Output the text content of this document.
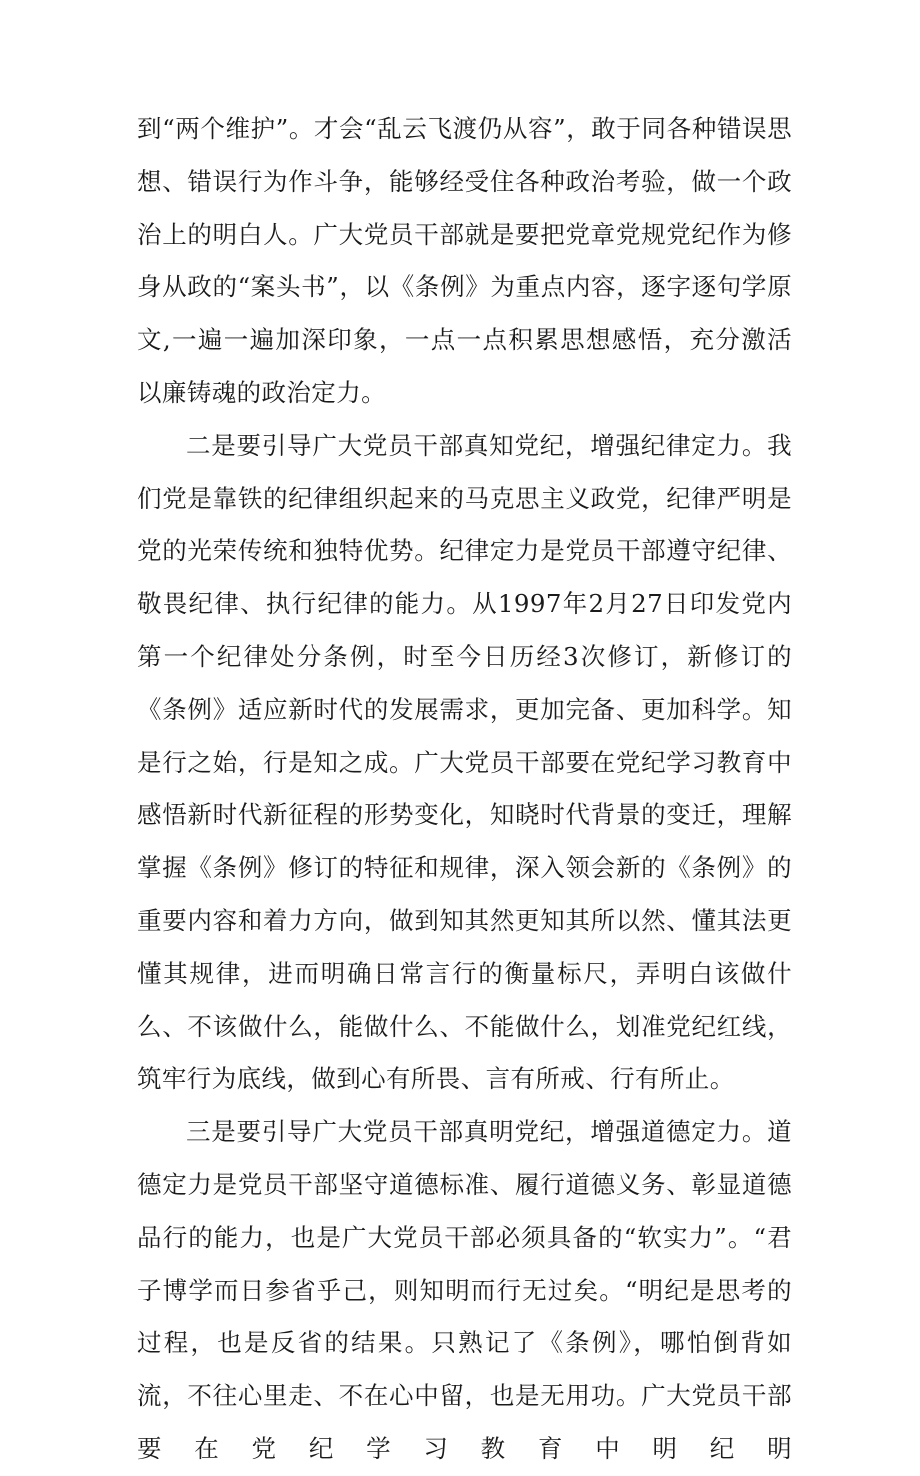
到“两个维护”。才会“乱云飞渡仍从容”，敢于同各种错误思想、错误行为作斗争，能够经受住各种政治考验，做一个政治上的明白人。广大党员干部就是要把党章党规党纪作为修身从政的“案头书”，以《条例》为重点内容，逐字逐句学原文,一遍一遍加深印象，一点一点积累思想感悟，充分激活以廉铸魂的政治定力。

二是要引导广大党员干部真知党纪，增强纪律定力。我们党是靠铁的纪律组织起来的马克思主义政党，纪律严明是党的光荣传统和独特优势。纪律定力是党员干部遵守纪律、敬畏纪律、执行纪律的能力。从1997年2月27日印发党内第一个纪律处分条例，时至今日历经3次修订，新修订的《条例》适应新时代的发展需求，更加完备、更加科学。知是行之始，行是知之成。广大党员干部要在党纪学习教育中感悟新时代新征程的形势变化，知晓时代背景的变迁，理解掌握《条例》修订的特征和规律，深入领会新的《条例》的重要内容和着力方向，做到知其然更知其所以然、懂其法更懂其规律，进而明确日常言行的衡量标尺，弄明白该做什么、不该做什么，能做什么、不能做什么，划准党纪红线，筑牢行为底线，做到心有所畏、言有所戒、行有所止。

三是要引导广大党员干部真明党纪，增强道德定力。道德定力是党员干部坚守道德标准、履行道德义务、彰显道德品行的能力，也是广大党员干部必须具备的“软实力”。“君子博学而日参省乎己，则知明而行无过矣。“明纪是思考的过程，也是反省的结果。只熟记了《条例》，哪怕倒背如流，不往心里走、不在心中留，也是无用功。广大党员干部要在党纪学习教育中明纪明
